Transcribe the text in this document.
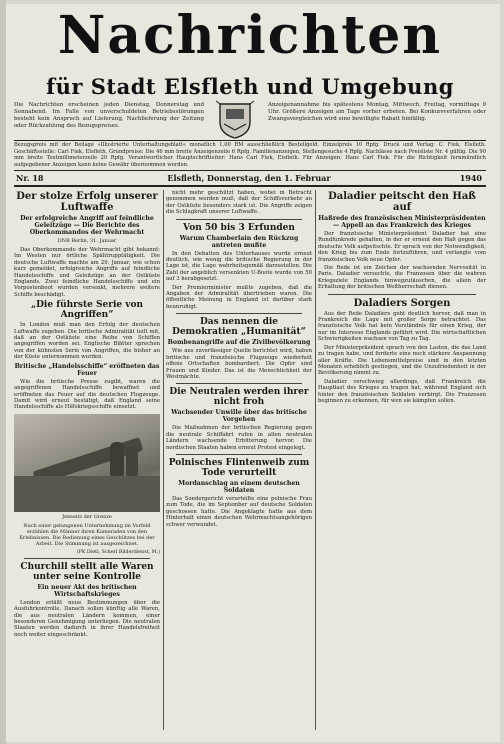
Nachrichten
für Stadt Elsfleth und Umgebung
Die Nachrichten erscheinen jeden Dienstag, Donnerstag und Sonnabend. Im Falle von unverschuldeten Betriebsstörungen besteht kein Anspruch auf Lieferung, Nachlieferung der Zeitung oder Rückzahlung des Bezugspreises.
Anzeigenannahme bis spätestens Montag, Mittwoch, Freitag, vormittags 9 Uhr. Größere Anzeigen am Tage vorher erbeten. Bei Konkursverfahren oder Zwangsvergleichen wird eine bewilligte Rabatt hinfällig.
Bezugspreis mit der Beilage »Illustrierte Unterhaltungsblatt« monatlich 1,00 RM ausschließlich Bestellgeld. Einzelpreis 10 Rpfg. Druck und Verlag: C. Fiek, Elsfleth. Geschäftsstelle: Carl Fiek, Elsfleth, Grundpreise: Die 46 mm breite Anzeigenzeile 6 Rpfg. Familienanzeigen, Stellengesuche 4 Rpfg. Nachlässe nach Preisliste Nr. 4 gültig. Die 90 mm breite Textmillimeterzeile 20 Rpfg. Verantwortlicher Hauptschriftleiter: Hans Carl Fiek, Elsfleth. Für Anzeigen: Hans Carl Fiek. Für die Richtigkeit fernmündlich aufgegebener Anzeigen kann keine Gewähr übernommen werden.
Nr. 18	Elsfleth, Donnerstag, den 1. Februar	1940
Der stolze Erfolg unserer Luftwaffe
Der erfolgreiche Angriff auf feindliche Geleitzüge — Die Berichte des Oberkommandos der Wehrmacht

DNB Berlin, 31. Januar

Das Oberkommando der Wehrmacht gibt bekannt: Im Westen nur örtliche Spähtrupptätigkeit. Die deutsche Luftwaffe machte am 29. Januar, wie schon kurz gemeldet, erfolgreiche Angriffe auf feindliche Handelsschiffe und Geleitzüge an der Ostküste Englands. Zwei feindliche Handelsschiffe und ein Vorpostenboot wurden versenkt, mehrere weitere Schiffe beschädigt.

„Die führste Serie von Angriffen“

In London muß man den Erfolg der deutschen Luftwaffe zugeben. Die britische Admiralität teilt mit, daß an der Ostküste eine Reihe von Schiffen angegriffen worden sei. Englische Blätter sprechen von der kühnsten Serie von Angriffen, die bisher an der Küste unternommen wurden.

Britische „Handelsschiffe“ eröffneten das Feuer

Wie die britische Presse zugibt, waren die angegriffenen Handelsschiffe bewaffnet und eröffneten das Feuer auf die deutschen Flugzeuge. Damit wird erneut bestätigt, daß England seine Handelsschiffe als Hilfskriegsschiffe einsetzt.

Jenseits der Grenze

Nach einer gelungenen Unternehmung im Vorfeld erzählen die Männer ihren Kameraden von den Erlebnissen. Die Bedienung eines Geschützes bei der Arbeit. Die Stimmung ist ausgezeichnet.

(PK Dietl, Scherl Bilderdienst, M.)

Churchill stellt alle Waren unter seine Kontrolle
Ein neuer Akt des britischen Wirtschaftskrieges

London erläßt neue Bestimmungen über die Ausfuhrkontrolle. Danach sollen künftig alle Waren, die aus neutralen Ländern kommen, einer besonderen Genehmigung unterliegen. Die neutralen Staaten werden dadurch in ihrer Handelsfreiheit noch weiter eingeschränkt.

nicht mehr geschützt haben, wobei in Betracht genommen werden muß, daß der Schiffsverkehr an der Ostküste besonders stark ist. Die Angriffe zeigen die Schlagkraft unserer Luftwaffe.

Von 50 bis 3 Erfunden
Warum Chamberlain den Rückzug antreten mußte

In den Debatten des Unterhauses wurde erneut deutlich, wie wenig die britische Regierung in der Lage ist, die Lage wahrheitsgemäß darzustellen. Die Zahl der angeblich versenkten U-Boote wurde von 50 auf 3 herabgesetzt.

Der Premierminister mußte zugeben, daß die Angaben der Admiralität übertrieben waren. Die öffentliche Meinung in England ist darüber stark beunruhigt.

Das nennen die Demokratien „Humanität“
Bombenangriffe auf die Zivilbevölkerung

Wie aus zuverlässiger Quelle berichtet wird, haben britische und französische Flugzeuge wiederholt offene Ortschaften bombardiert. Die Opfer sind Frauen und Kinder. Das ist die Menschlichkeit der Westmächte.

Die Neutralen werden ihrer nicht froh
Wachsender Unwille über das britische Vorgehen

Die Maßnahmen der britischen Regierung gegen die neutrale Schiffahrt rufen in allen neutralen Ländern wachsende Erbitterung hervor. Die nordischen Staaten haben erneut Protest eingelegt.

Polnisches Flintenweib zum Tode verurteilt
Mordanschlag an einem deutschen Soldaten

Das Sondergericht verurteilte eine polnische Frau zum Tode, die im September auf deutsche Soldaten geschossen hatte. Die Angeklagte hatte aus dem Hinterhalt einen deutschen Wehrmachtsangehörigen schwer verwundet.

Daladier peitscht den Haß auf
Haßrede des französischen Ministerpräsidenten — Appell an das Frankreich des Krieges

Der französische Ministerpräsident Daladier hat eine Rundfunkrede gehalten, in der er erneut den Haß gegen das deutsche Volk aufpeitschte. Er sprach von der Notwendigkeit, den Krieg bis zum Ende fortzuführen, und verlangte vom französischen Volk neue Opfer.

Die Rede ist ein Zeichen der wachsenden Nervosität in Paris. Daladier versuchte, die Franzosen über die wahren Kriegsziele Englands hinwegzutäuschen, die allein der Erhaltung der britischen Weltherrschaft dienen.

Daladiers Sorgen

Aus der Rede Daladiers geht deutlich hervor, daß man in Frankreich die Lage mit großer Sorge betrachtet. Das französische Volk hat kein Verständnis für einen Krieg, der nur im Interesse Englands geführt wird. Die wirtschaftlichen Schwierigkeiten wachsen von Tag zu Tag.

Der Ministerpräsident sprach von den Lasten, die das Land zu tragen habe, und forderte eine noch stärkere Anspannung aller Kräfte. Die Lebensmittelpreise sind in den letzten Monaten erheblich gestiegen, und die Unzufriedenheit in der Bevölkerung nimmt zu.

Daladier verschwieg allerdings, daß Frankreich die Hauptlast des Krieges zu tragen hat, während England sich hinter den französischen Soldaten verbirgt. Die Franzosen beginnen zu erkennen, für wen sie kämpfen sollen.
